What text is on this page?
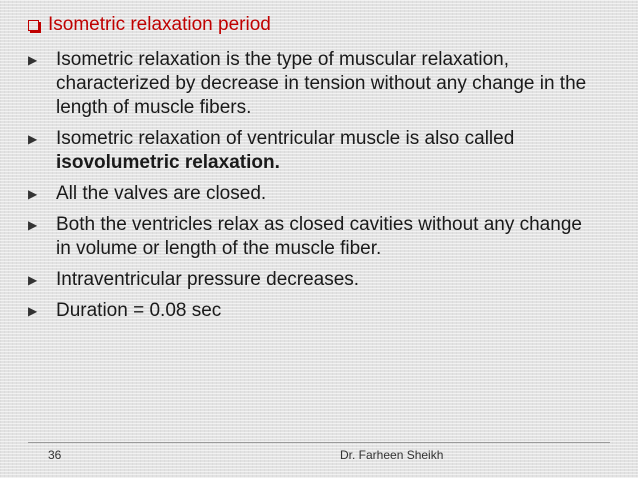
Isometric relaxation period
▶ Isometric relaxation is the type of muscular relaxation, characterized by decrease in tension without any change in the length of muscle fibers.
▶ Isometric relaxation of ventricular muscle is also called isovolumetric relaxation.
▶ All the valves are closed.
▶ Both the ventricles relax as closed cavities without any change in volume or length of the muscle fiber.
▶ Intraventricular pressure decreases.
▶ Duration = 0.08 sec
36	Dr. Farheen Sheikh
